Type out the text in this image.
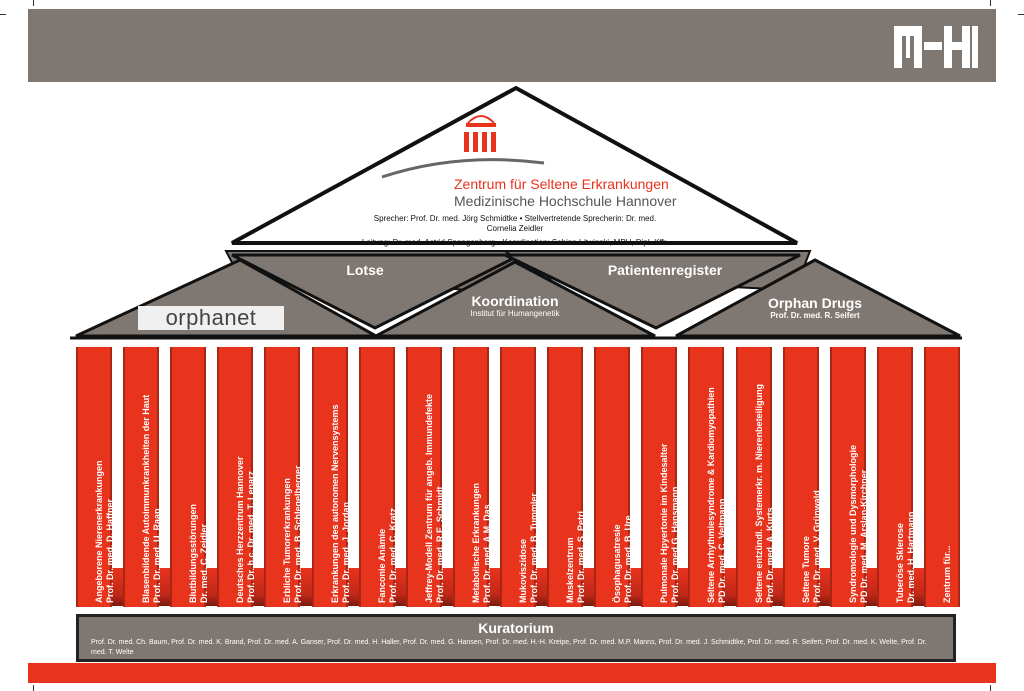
Zentrum für Seltene Erkrankungen
Medizinische Hochschule Hannover
Sprecher: Prof. Dr. med. Jörg Schmidtke • Stellvertretende Sprecherin: Dr. med. Cornelia Zeidler
Leitung: Dr. med. Astrid Spangenberg • Koordination: Sabina Litwinski, MPH, Dipl. Kffr.
Lotse	Patientenregister
Koordination
Institut für Humangenetik
Orphan Drugs
Prof. Dr. med. R. Seifert
orphanet
Angeborene Nierenerkrankungen Prof. Dr. med. D. Haffner	Blasenbildende Autoimmunkrankheiten der Haut Prof. Dr. med. U. Raap	Blutbildungsstörungen Dr. med. C. Zeidler	Deutsches Herzzentrum Hannover Prof. Dr. h.c. Dr. med. T. Lenarz	Erbliche Tumorerkrankungen Prof. Dr. med. B. Schlegelberger	Erkrankungen des autonomen Nervensystems Prof. Dr. med. J. Jordan	Fanconie Anämie Prof. Dr. med. C. Kratz	Jeffrey-Modell Zentrum für angeb. Immundefekte Prof. Dr. med. R.E. Schmidt	Metabolische Erkrankungen Prof. Dr. med. A.M. Das	Mukoviszidose Prof. Dr. med. B. Tummler	Muskelzentrum Prof. Dr. med. S. Petri	Ösophagusatresie Prof. Dr. med. B. Ure	Pulmonale Hpyertonie im Kindesalter Prof. Dr. med.G. Hansmann	Seltene Arrhythmiesyndrome & Kardiomyopathien PD Dr. med. C. Veltmann	Seltene entzündl. Systemerkr. m. Nierenbeteiligung Prof. Dr. med. A. Kurts	Seltene Tumore Prof. Dr. med. V. Grünwald	Syndromologie und Dysmorphologie PD Dr. med. M. Arslan-Kirchner	Tuberöse Sklerose Dr. med. H. Hartmann	Zentrum für...
Kuratorium
Prof. Dr. med. Ch. Baum, Prof. Dr. med. K. Brand, Prof. Dr. med. A. Ganser, Prof. Dr. med. H. Haller, Prof. Dr. med. G. Hansen, Prof. Dr. med. H.-H. Kreipe, Prof. Dr. med. M.P. Manns, Prof. Dr. med. J. Schmidtke, Prof. Dr. med. R. Seifert, Prof. Dr. med. K. Welte, Prof. Dr. med. T. Welte
